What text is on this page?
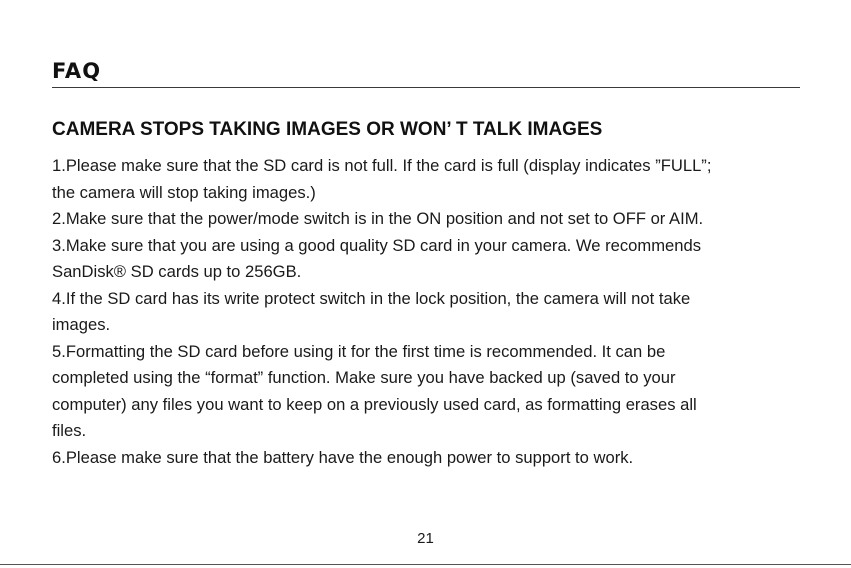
FAQ
CAMERA STOPS TAKING IMAGES OR WON’ T TALK IMAGES
1.Please make sure that the SD card is not full. If the card is full (display indicates ”FULL”;
the camera will stop taking images.)
2.Make sure that the power/mode switch is in the ON position and not set to OFF or AIM.
3.Make sure that you are using a good quality SD card in your camera. We recommends
SanDisk® SD cards up to 256GB.
4.If the SD card has its write protect switch in the lock position, the camera will not take
images.
5.Formatting the SD card before using it for the first time is recommended. It can be
completed using the “format” function. Make sure you have backed up (saved to your
computer) any files you want to keep on a previously used card, as formatting erases all
files.
6.Please make sure that the battery have the enough power to support to work.
21
